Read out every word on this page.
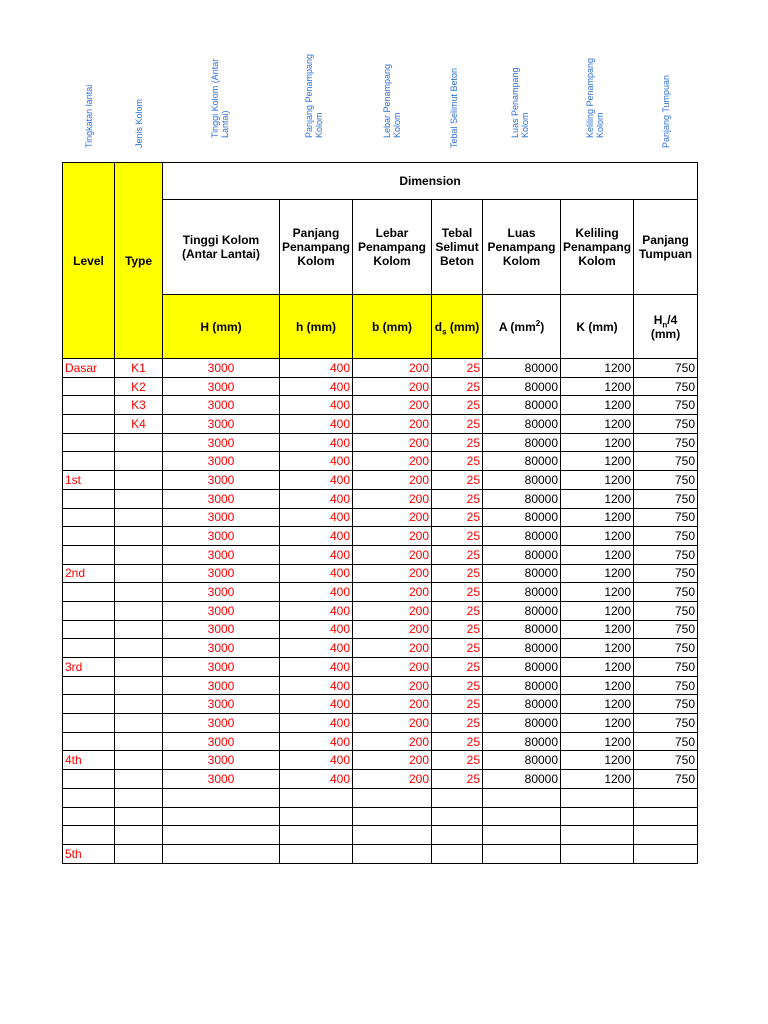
Tingkatan lantai	Jenis Kolom	Tinggi Kolom (Antar Lantai)	Panjang Penampang Kolom	Lebar Penampang Kolom	Tebal Selimut Beton	Luas Penampang Kolom	Keliling Penampang Kolom	Panjang Tumpuan
Level	Type	Dimension						
		Tinggi Kolom (Antar Lantai)	Panjang Penampang Kolom	Lebar Penampang Kolom	Tebal Selimut Beton	Luas Penampang Kolom	Keliling Penampang Kolom	Panjang Tumpuan
		H (mm)	h (mm)	b (mm)	$d_s$ (mm)	A $(mm^2)$	K (mm)	$H_n/4$
(mm)
Dasar	K1	3000	400	200	25	80000	1200	750
	K2	3000	400	200	25	80000	1200	750
	K3	3000	400	200	25	80000	1200	750
	K4	3000	400	200	25	80000	1200	750
		3000	400	200	25	80000	1200	750
		3000	400	200	25	80000	1200	750
1st		3000	400	200	25	80000	1200	750
		3000	400	200	25	80000	1200	750
		3000	400	200	25	80000	1200	750
		3000	400	200	25	80000	1200	750
		3000	400	200	25	80000	1200	750
2nd		3000	400	200	25	80000	1200	750
		3000	400	200	25	80000	1200	750
		3000	400	200	25	80000	1200	750
		3000	400	200	25	80000	1200	750
		3000	400	200	25	80000	1200	750
3rd		3000	400	200	25	80000	1200	750
		3000	400	200	25	80000	1200	750
		3000	400	200	25	80000	1200	750
		3000	400	200	25	80000	1200	750
		3000	400	200	25	80000	1200	750
4th		3000	400	200	25	80000	1200	750
		3000	400	200	25	80000	1200	750

5th								
